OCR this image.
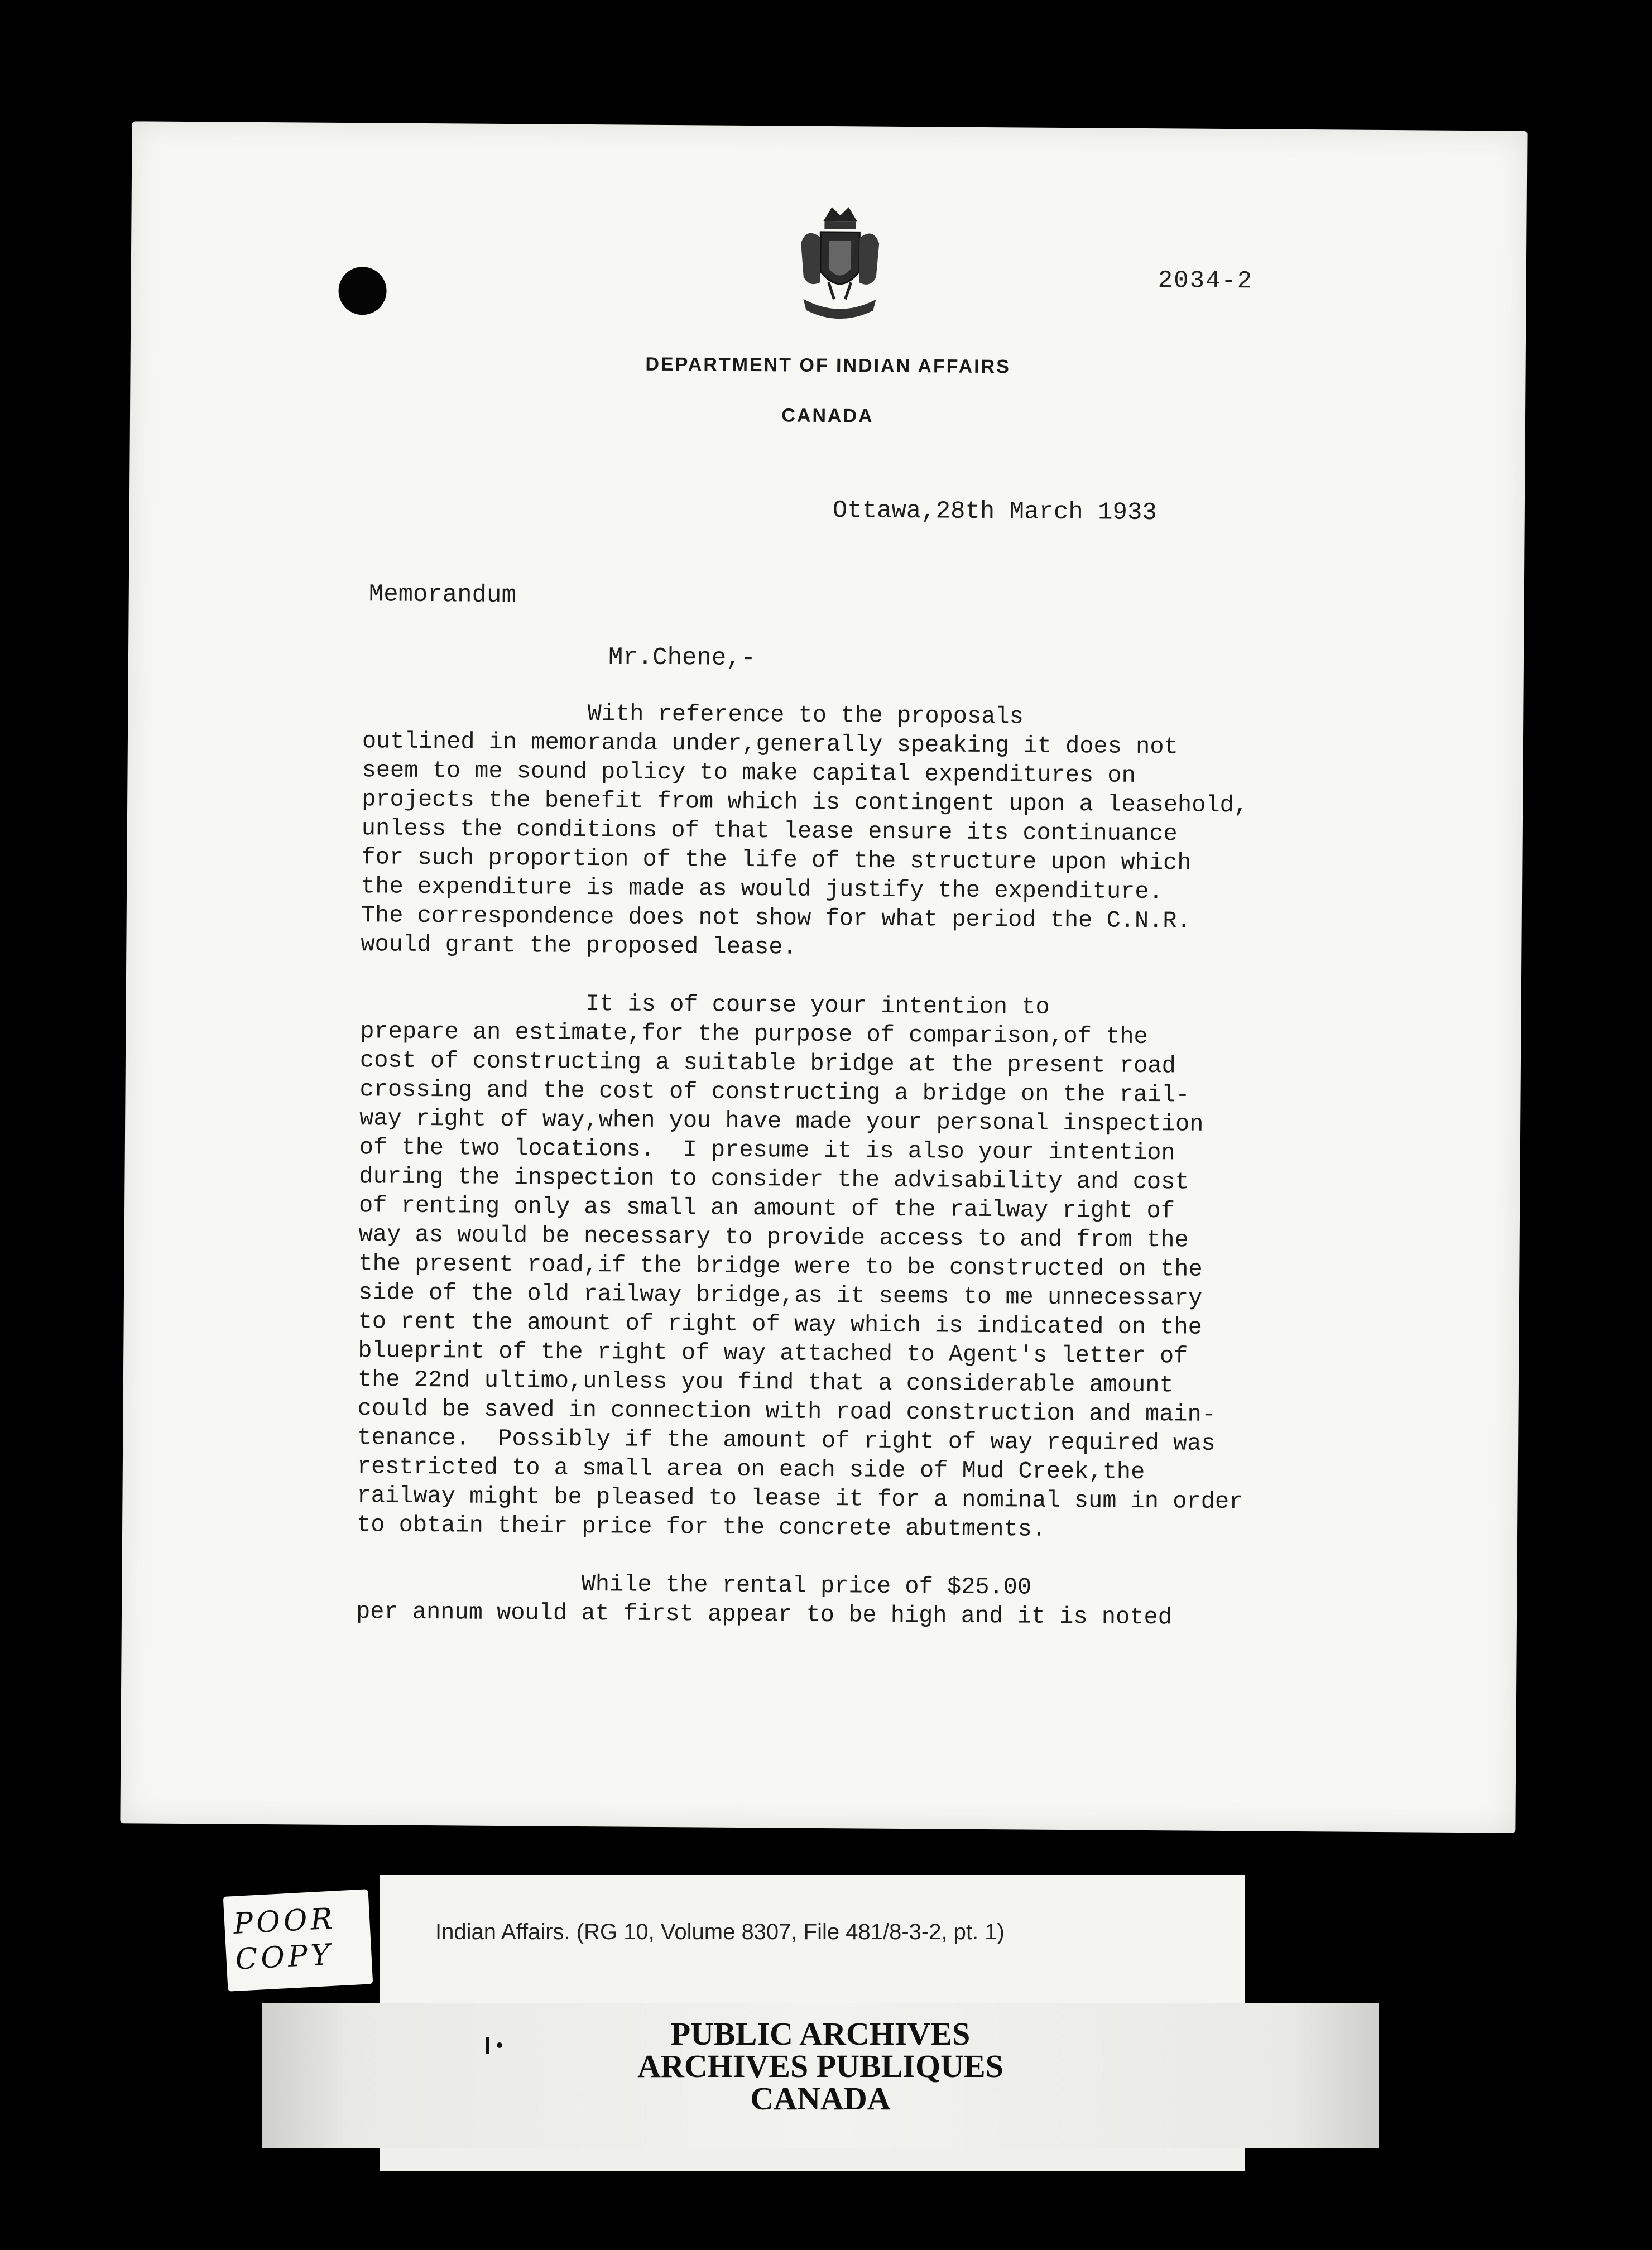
2034-2
DEPARTMENT OF INDIAN AFFAIRS
CANADA
Ottawa,28th March 1933
Memorandum
Mr.Chene,-
With reference to the proposals
outlined in memoranda under,generally speaking it does not
seem to me sound policy to make capital expenditures on
projects the benefit from which is contingent upon a leasehold,
unless the conditions of that lease ensure its continuance
for such proportion of the life of the structure upon which
the expenditure is made as would justify the expenditure.
The correspondence does not show for what period the C.N.R.
would grant the proposed lease.
It is of course your intention to
prepare an estimate,for the purpose of comparison,of the
cost of constructing a suitable bridge at the present road
crossing and the cost of constructing a bridge on the rail-
way right of way,when you have made your personal inspection
of the two locations.  I presume it is also your intention
during the inspection to consider the advisability and cost
of renting only as small an amount of the railway right of
way as would be necessary to provide access to and from the
the present road,if the bridge were to be constructed on the
side of the old railway bridge,as it seems to me unnecessary
to rent the amount of right of way which is indicated on the
blueprint of the right of way attached to Agent's letter of
the 22nd ultimo,unless you find that a considerable amount
could be saved in connection with road construction and main-
tenance.  Possibly if the amount of right of way required was
restricted to a small area on each side of Mud Creek,the
railway might be pleased to lease it for a nominal sum in order
to obtain their price for the concrete abutments.
While the rental price of $25.00
per annum would at first appear to be high and it is noted
POOR
COPY
Indian Affairs. (RG 10, Volume 8307, File 481/8-3-2, pt. 1)
PUBLIC ARCHIVES
ARCHIVES PUBLIQUES
CANADA
